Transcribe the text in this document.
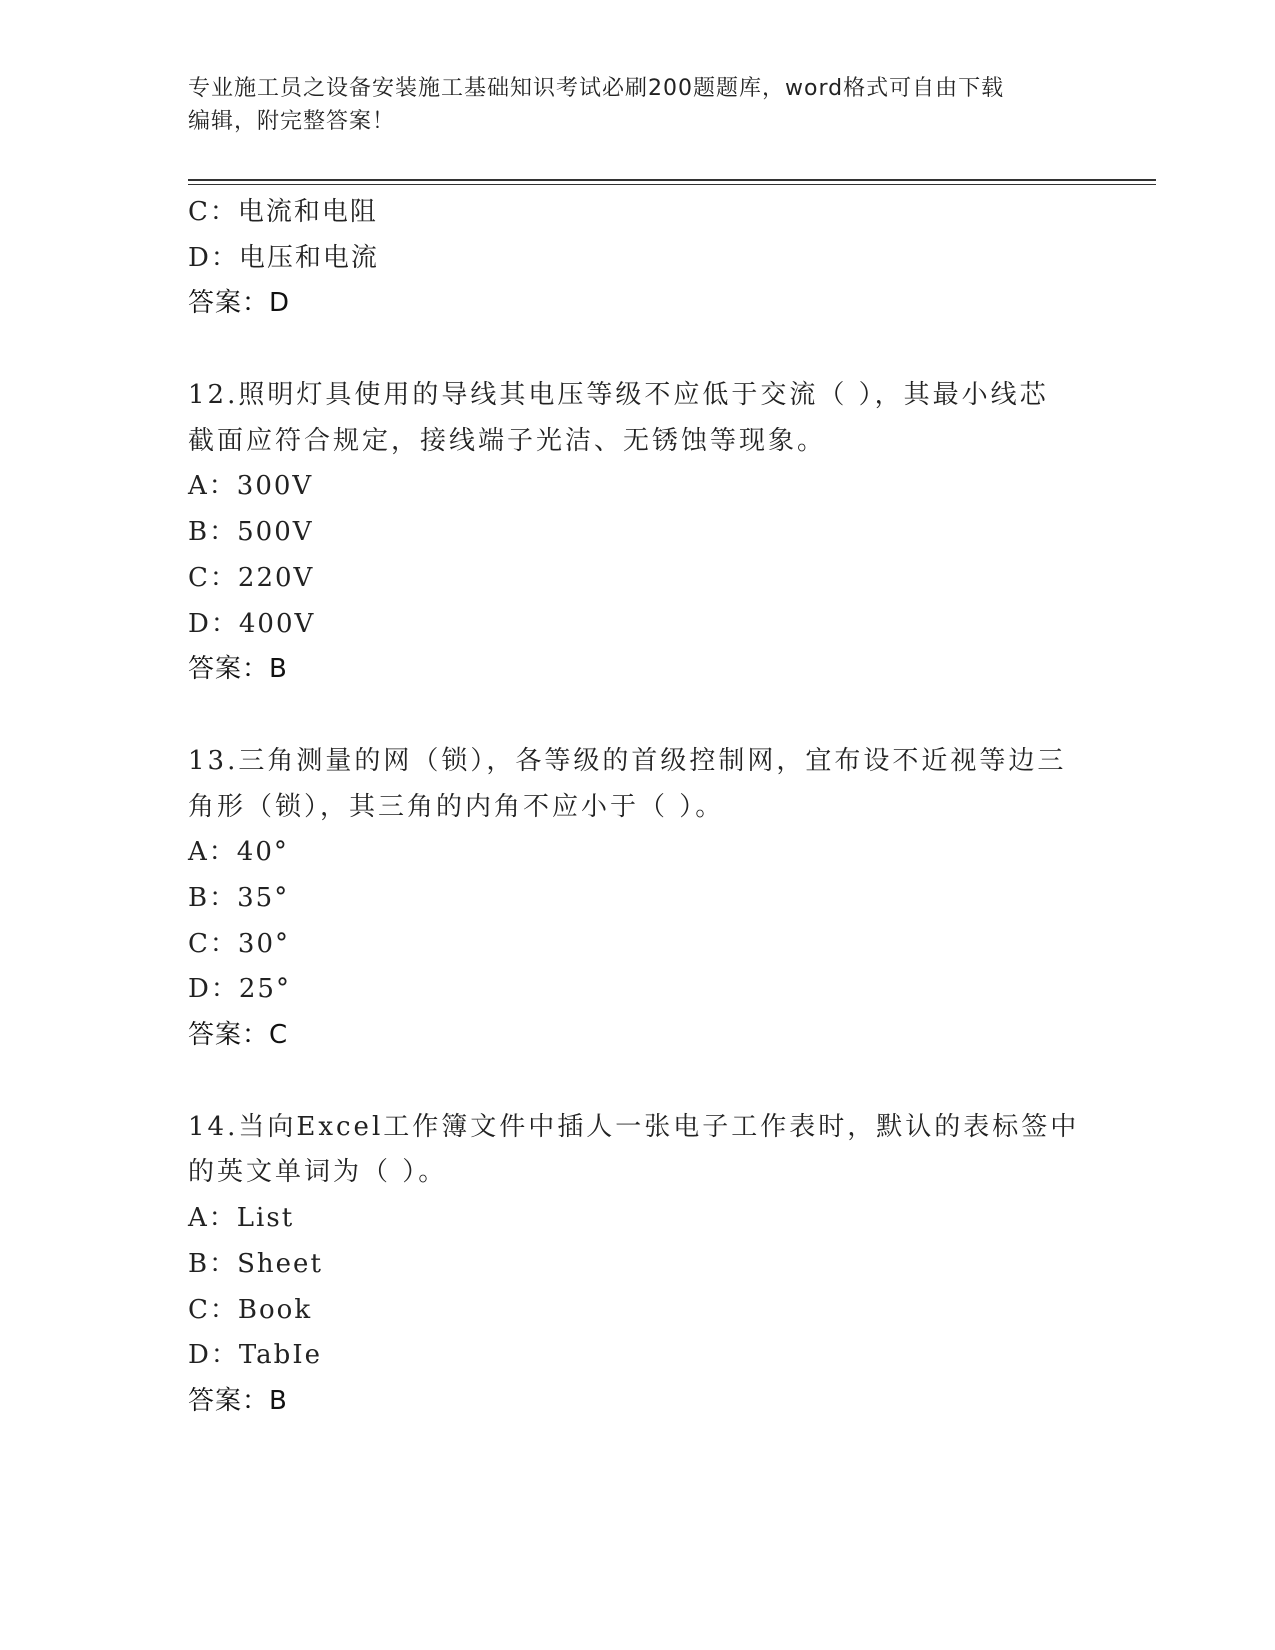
专业施工员之设备安装施工基础知识考试必刷200题题库，word格式可自由下载
编辑，附完整答案！
C：电流和电阻
D：电压和电流
答案：D
12.照明灯具使用的导线其电压等级不应低于交流（ ），其最小线芯
截面应符合规定，接线端子光洁、无锈蚀等现象。
A：300V
B：500V
C：220V
D：400V
答案：B
13.三角测量的网（锁），各等级的首级控制网，宜布设不近视等边三
角形（锁），其三角的内角不应小于（ ）。
A：40°
B：35°
C：30°
D：25°
答案：C
14.当向Excel工作簿文件中插人一张电子工作表时，默认的表标签中
的英文单词为（ ）。
A：List
B：Sheet
C：Book
D：TabIe
答案：B
